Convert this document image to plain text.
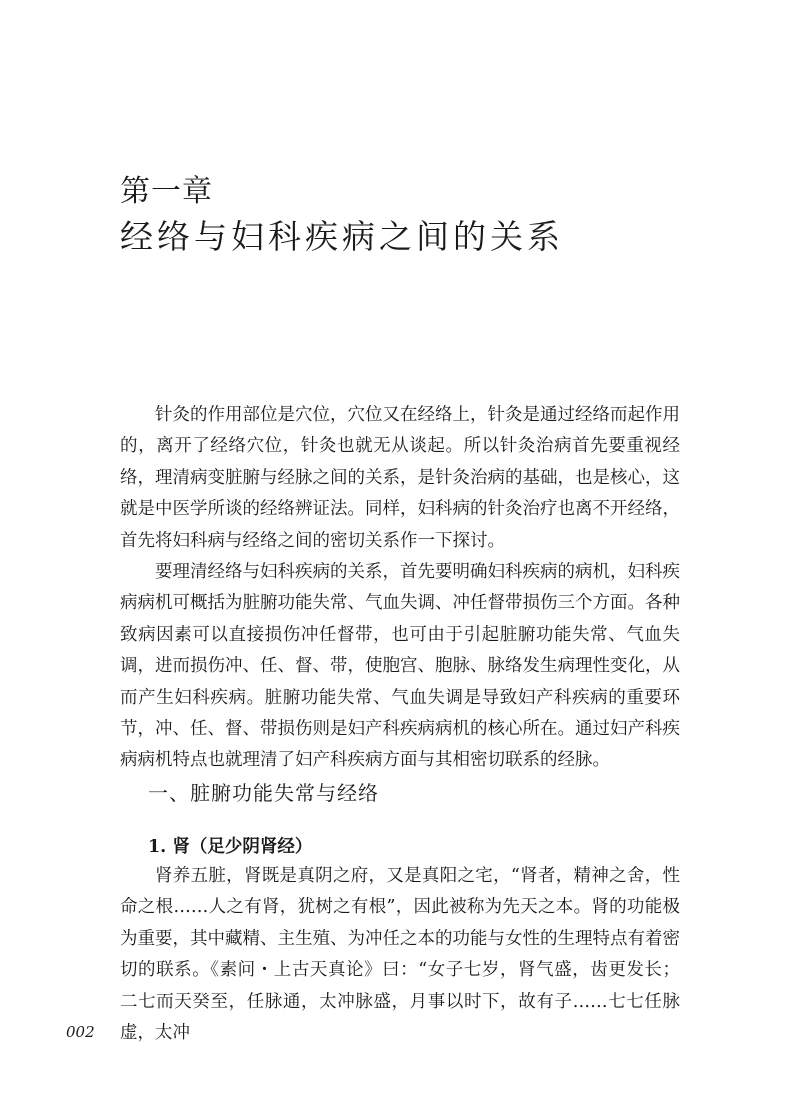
第一章
经络与妇科疾病之间的关系

针灸的作用部位是穴位，穴位又在经络上，针灸是通过经络而起作用的，离开了经络穴位，针灸也就无从谈起。所以针灸治病首先要重视经络，理清病变脏腑与经脉之间的关系，是针灸治病的基础，也是核心，这就是中医学所谈的经络辨证法。同样，妇科病的针灸治疗也离不开经络，首先将妇科病与经络之间的密切关系作一下探讨。

要理清经络与妇科疾病的关系，首先要明确妇科疾病的病机，妇科疾病病机可概括为脏腑功能失常、气血失调、冲任督带损伤三个方面。各种致病因素可以直接损伤冲任督带，也可由于引起脏腑功能失常、气血失调，进而损伤冲、任、督、带，使胞宫、胞脉、脉络发生病理性变化，从而产生妇科疾病。脏腑功能失常、气血失调是导致妇产科疾病的重要环节，冲、任、督、带损伤则是妇产科疾病病机的核心所在。通过妇产科疾病病机特点也就理清了妇产科疾病方面与其相密切联系的经脉。

一、脏腑功能失常与经络
1. 肾（足少阴肾经）

肾养五脏，肾既是真阴之府，又是真阳之宅，“肾者，精神之舍，性命之根……人之有肾，犹树之有根”，因此被称为先天之本。肾的功能极为重要，其中藏精、主生殖、为冲任之本的功能与女性的生理特点有着密切的联系。《素问・上古天真论》曰：“女子七岁，肾气盛，齿更发长；二七而天癸至，任脉通，太冲脉盛，月事以时下，故有子……七七任脉虚，太冲

002
